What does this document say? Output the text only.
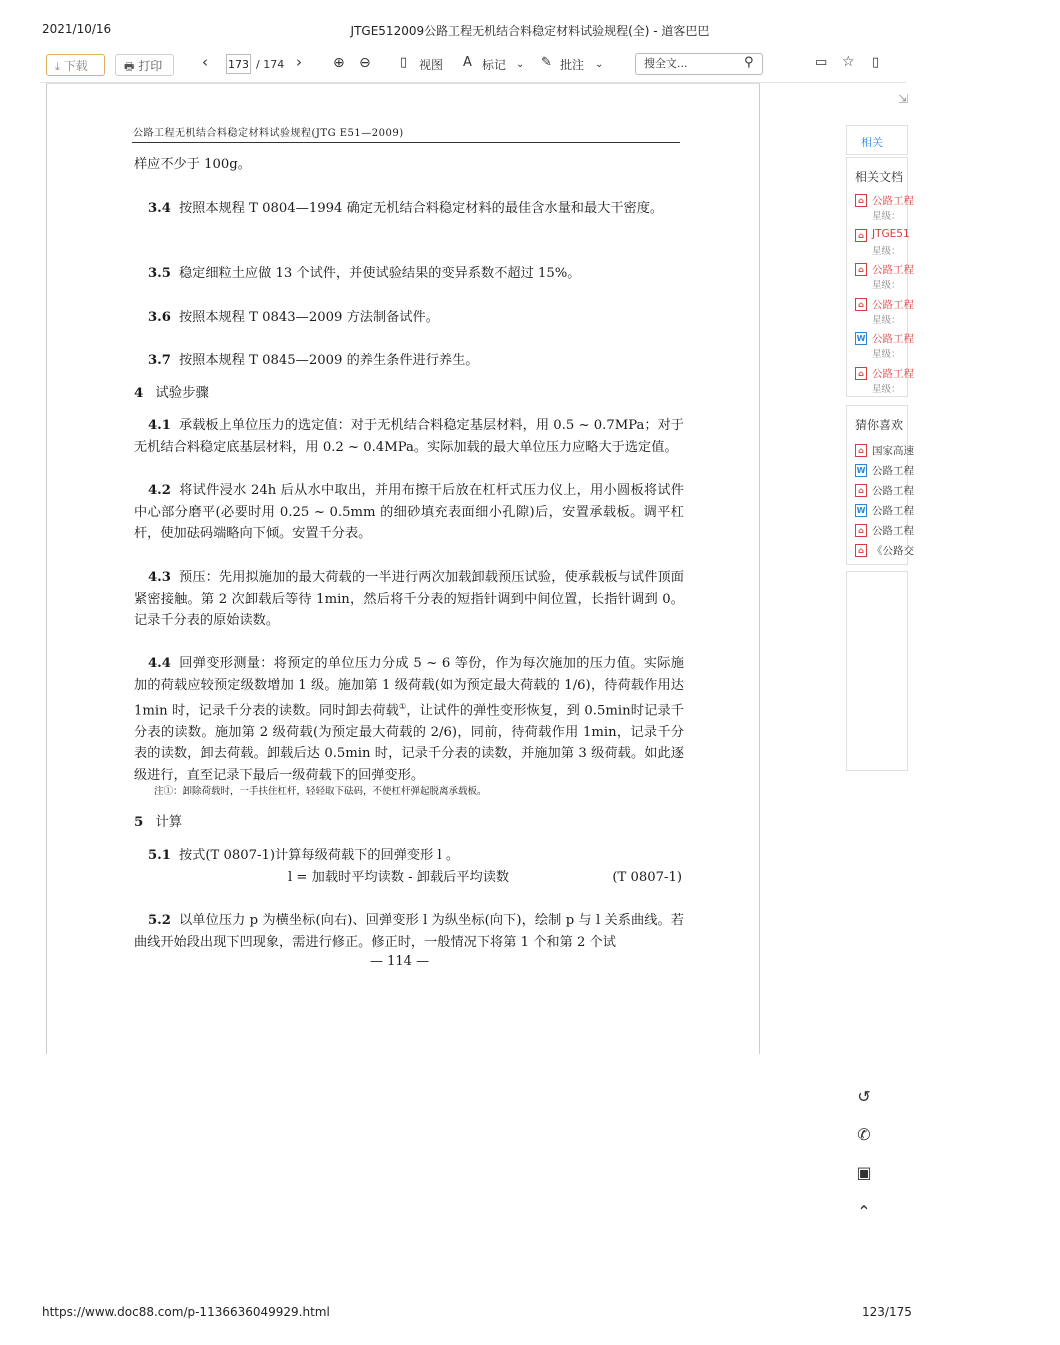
2021/10/16	JTGE512009公路工程无机结合料稳定材料试验规程(全) - 道客巴巴
⤓ 下载	🖶 打印	‹ 173 / 174 › ⊕ ⊖ ▯ 视图 A 标记 ⌄ ✎ 批注 ⌄	搜全文...	⚲	▭ ☆ ▯
公路工程无机结合料稳定材料试验规程(JTG E51—2009)
样应不少于 100g。
3.4 按照本规程 T 0804—1994 确定无机结合料稳定材料的最佳含水量和最大干密度。
3.5 稳定细粒土应做 13 个试件，并使试验结果的变异系数不超过 15%。
3.6 按照本规程 T 0843—2009 方法制备试件。
3.7 按照本规程 T 0845—2009 的养生条件进行养生。
4 试验步骤
4.1 承载板上单位压力的选定值：对于无机结合料稳定基层材料，用 0.5 ~ 0.7MPa；对于无机结合料稳定底基层材料，用 0.2 ~ 0.4MPa。实际加载的最大单位压力应略大于选定值。
4.2 将试件浸水 24h 后从水中取出，并用布擦干后放在杠杆式压力仪上，用小圆板将试件中心部分磨平(必要时用 0.25 ~ 0.5mm 的细砂填充表面细小孔隙)后，安置承载板。调平杠杆，使加砝码端略向下倾。安置千分表。
4.3 预压：先用拟施加的最大荷载的一半进行两次加载卸载预压试验，使承载板与试件顶面紧密接触。第 2 次卸载后等待 1min，然后将千分表的短指针调到中间位置，长指针调到 0。记录千分表的原始读数。
4.4 回弹变形测量：将预定的单位压力分成 5 ~ 6 等份，作为每次施加的压力值。实际施加的荷载应较预定级数增加 1 级。施加第 1 级荷载(如为预定最大荷载的 1/6)，待荷载作用达 1min 时，记录千分表的读数。同时卸去荷载①，让试件的弹性变形恢复，到 0.5min时记录千分表的读数。施加第 2 级荷载(为预定最大荷载的 2/6)，同前，待荷载作用 1min，记录千分表的读数，卸去荷载。卸载后达 0.5min 时，记录千分表的读数，并施加第 3 级荷载。如此逐级进行，直至记录下最后一级荷载下的回弹变形。
注①：卸除荷载时，一手扶住杠杆，轻轻取下砝码，不使杠杆弹起脱离承载板。
5 计算
5.1 按式(T 0807-1)计算每级荷载下的回弹变形 l 。
l = 加载时平均读数 - 卸载后平均读数	(T 0807-1)
5.2 以单位压力 p 为横坐标(向右)、回弹变形 l 为纵坐标(向下)，绘制 p 与 l 关系曲线。若曲线开始段出现下凹现象，需进行修正。修正时，一般情况下将第 1 个和第 2 个试
— 114 —
⇲
相关
相关文档
⌂ 公路工程
星级：
⌂ JTGE51
星级：
⌂ 公路工程
星级：
⌂ 公路工程
星级：
W 公路工程
星级：
⌂ 公路工程
星级：
猜你喜欢
⌂ 国家高速
W 公路工程
⌂ 公路工程
W 公路工程
⌂ 公路工程
⌂ 《公路交
↺
✆
▣
⌃
https://www.doc88.com/p-1136636049929.html	123/175
